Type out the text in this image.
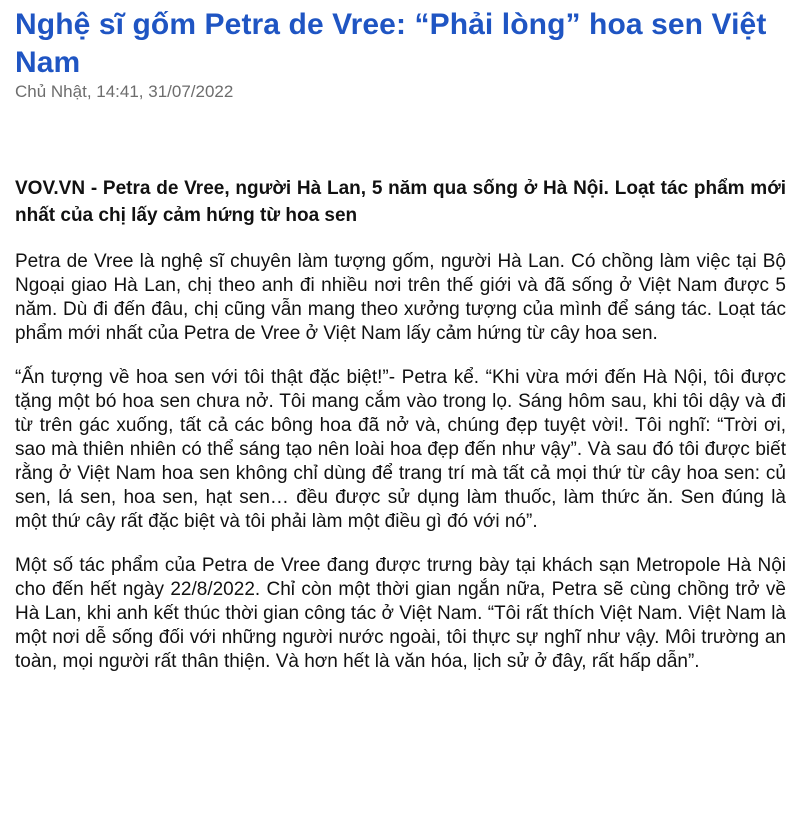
Nghệ sĩ gốm Petra de Vree: “Phải lòng” hoa sen Việt Nam

Chủ Nhật, 14:41, 31/07/2022

VOV.VN - Petra de Vree, người Hà Lan, 5 năm qua sống ở Hà Nội. Loạt tác phẩm mới nhất của chị lấy cảm hứng từ hoa sen

Petra de Vree là nghệ sĩ chuyên làm tượng gốm, người Hà Lan. Có chồng làm việc tại Bộ Ngoại giao Hà Lan, chị theo anh đi nhiều nơi trên thế giới và đã sống ở Việt Nam được 5 năm. Dù đi đến đâu, chị cũng vẫn mang theo xưởng tượng của mình để sáng tác. Loạt tác phẩm mới nhất của Petra de Vree ở Việt Nam lấy cảm hứng từ cây hoa sen.

“Ấn tượng về hoa sen với tôi thật đặc biệt!”- Petra kể. “Khi vừa mới đến Hà Nội, tôi được tặng một bó hoa sen chưa nở. Tôi mang cắm vào trong lọ. Sáng hôm sau, khi tôi dậy và đi từ trên gác xuống, tất cả các bông hoa đã nở và, chúng đẹp tuyệt vời!. Tôi nghĩ: “Trời ơi, sao mà thiên nhiên có thể sáng tạo nên loài hoa đẹp đến như vậy”. Và sau đó tôi được biết rằng ở Việt Nam hoa sen không chỉ dùng để trang trí mà tất cả mọi thứ từ cây hoa sen: củ sen, lá sen, hoa sen, hạt sen… đều được sử dụng làm thuốc, làm thức ăn. Sen đúng là một thứ cây rất đặc biệt và tôi phải làm một điều gì đó với nó”.

Một số tác phẩm của Petra de Vree đang được trưng bày tại khách sạn Metropole Hà Nội cho đến hết ngày 22/8/2022. Chỉ còn một thời gian ngắn nữa, Petra sẽ cùng chồng trở về Hà Lan, khi anh kết thúc thời gian công tác ở Việt Nam. “Tôi rất thích Việt Nam. Việt Nam là một nơi dễ sống đối với những người nước ngoài, tôi thực sự nghĩ như vậy. Môi trường an toàn, mọi người rất thân thiện. Và hơn hết là văn hóa, lịch sử ở đây, rất hấp dẫn”.
